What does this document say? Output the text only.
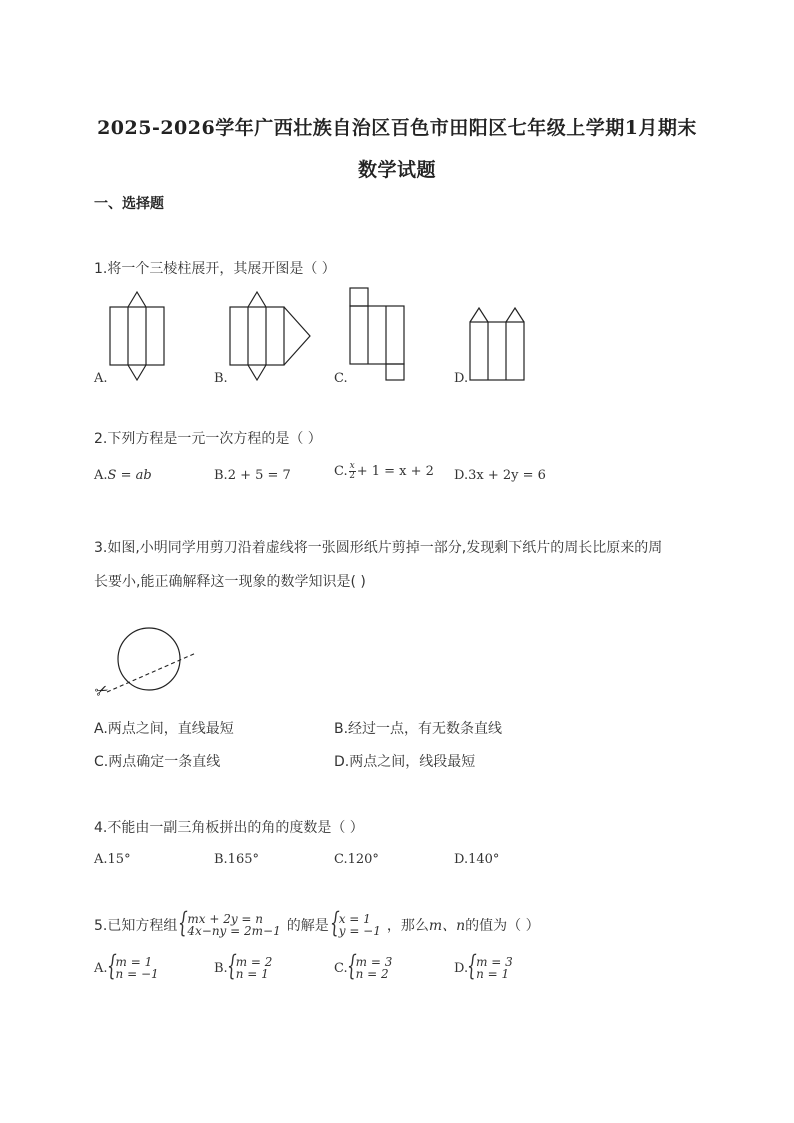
2025-2026学年广西壮族自治区百色市田阳区七年级上学期1月期末
数学试题
一、选择题
1.将一个三棱柱展开，其展开图是（ ）
A.	B.	C.	D.
2.下列方程是一元一次方程的是（ ）
A.S = ab	B.2 + 5 = 7	C. $\frac{x}{2} + 1 = x + 2$ D.3x + 2y = 6
3.如图,小明同学用剪刀沿着虚线将一张圆形纸片剪掉一部分,发现剩下纸片的周长比原来的周
长要小,能正确解释这一现象的数学知识是( )
✂
A.两点之间，直线最短	B.经过一点，有无数条直线
C.两点确定一条直线	D.两点之间，线段最短
4.不能由一副三角板拼出的角的度数是（ ）
A.15°	B.165°	C.120°	D.140°
5.已知方程组 { mx + 2y = n
4x−ny = 2m−1 的解是 { x = 1
y = −1 ，那么 m、n 的值为（ ）
A. { m = 1
n = −1	B. { m = 2
n = 1	C. { m = 3
n = 2	D. { m = 3
n = 1
